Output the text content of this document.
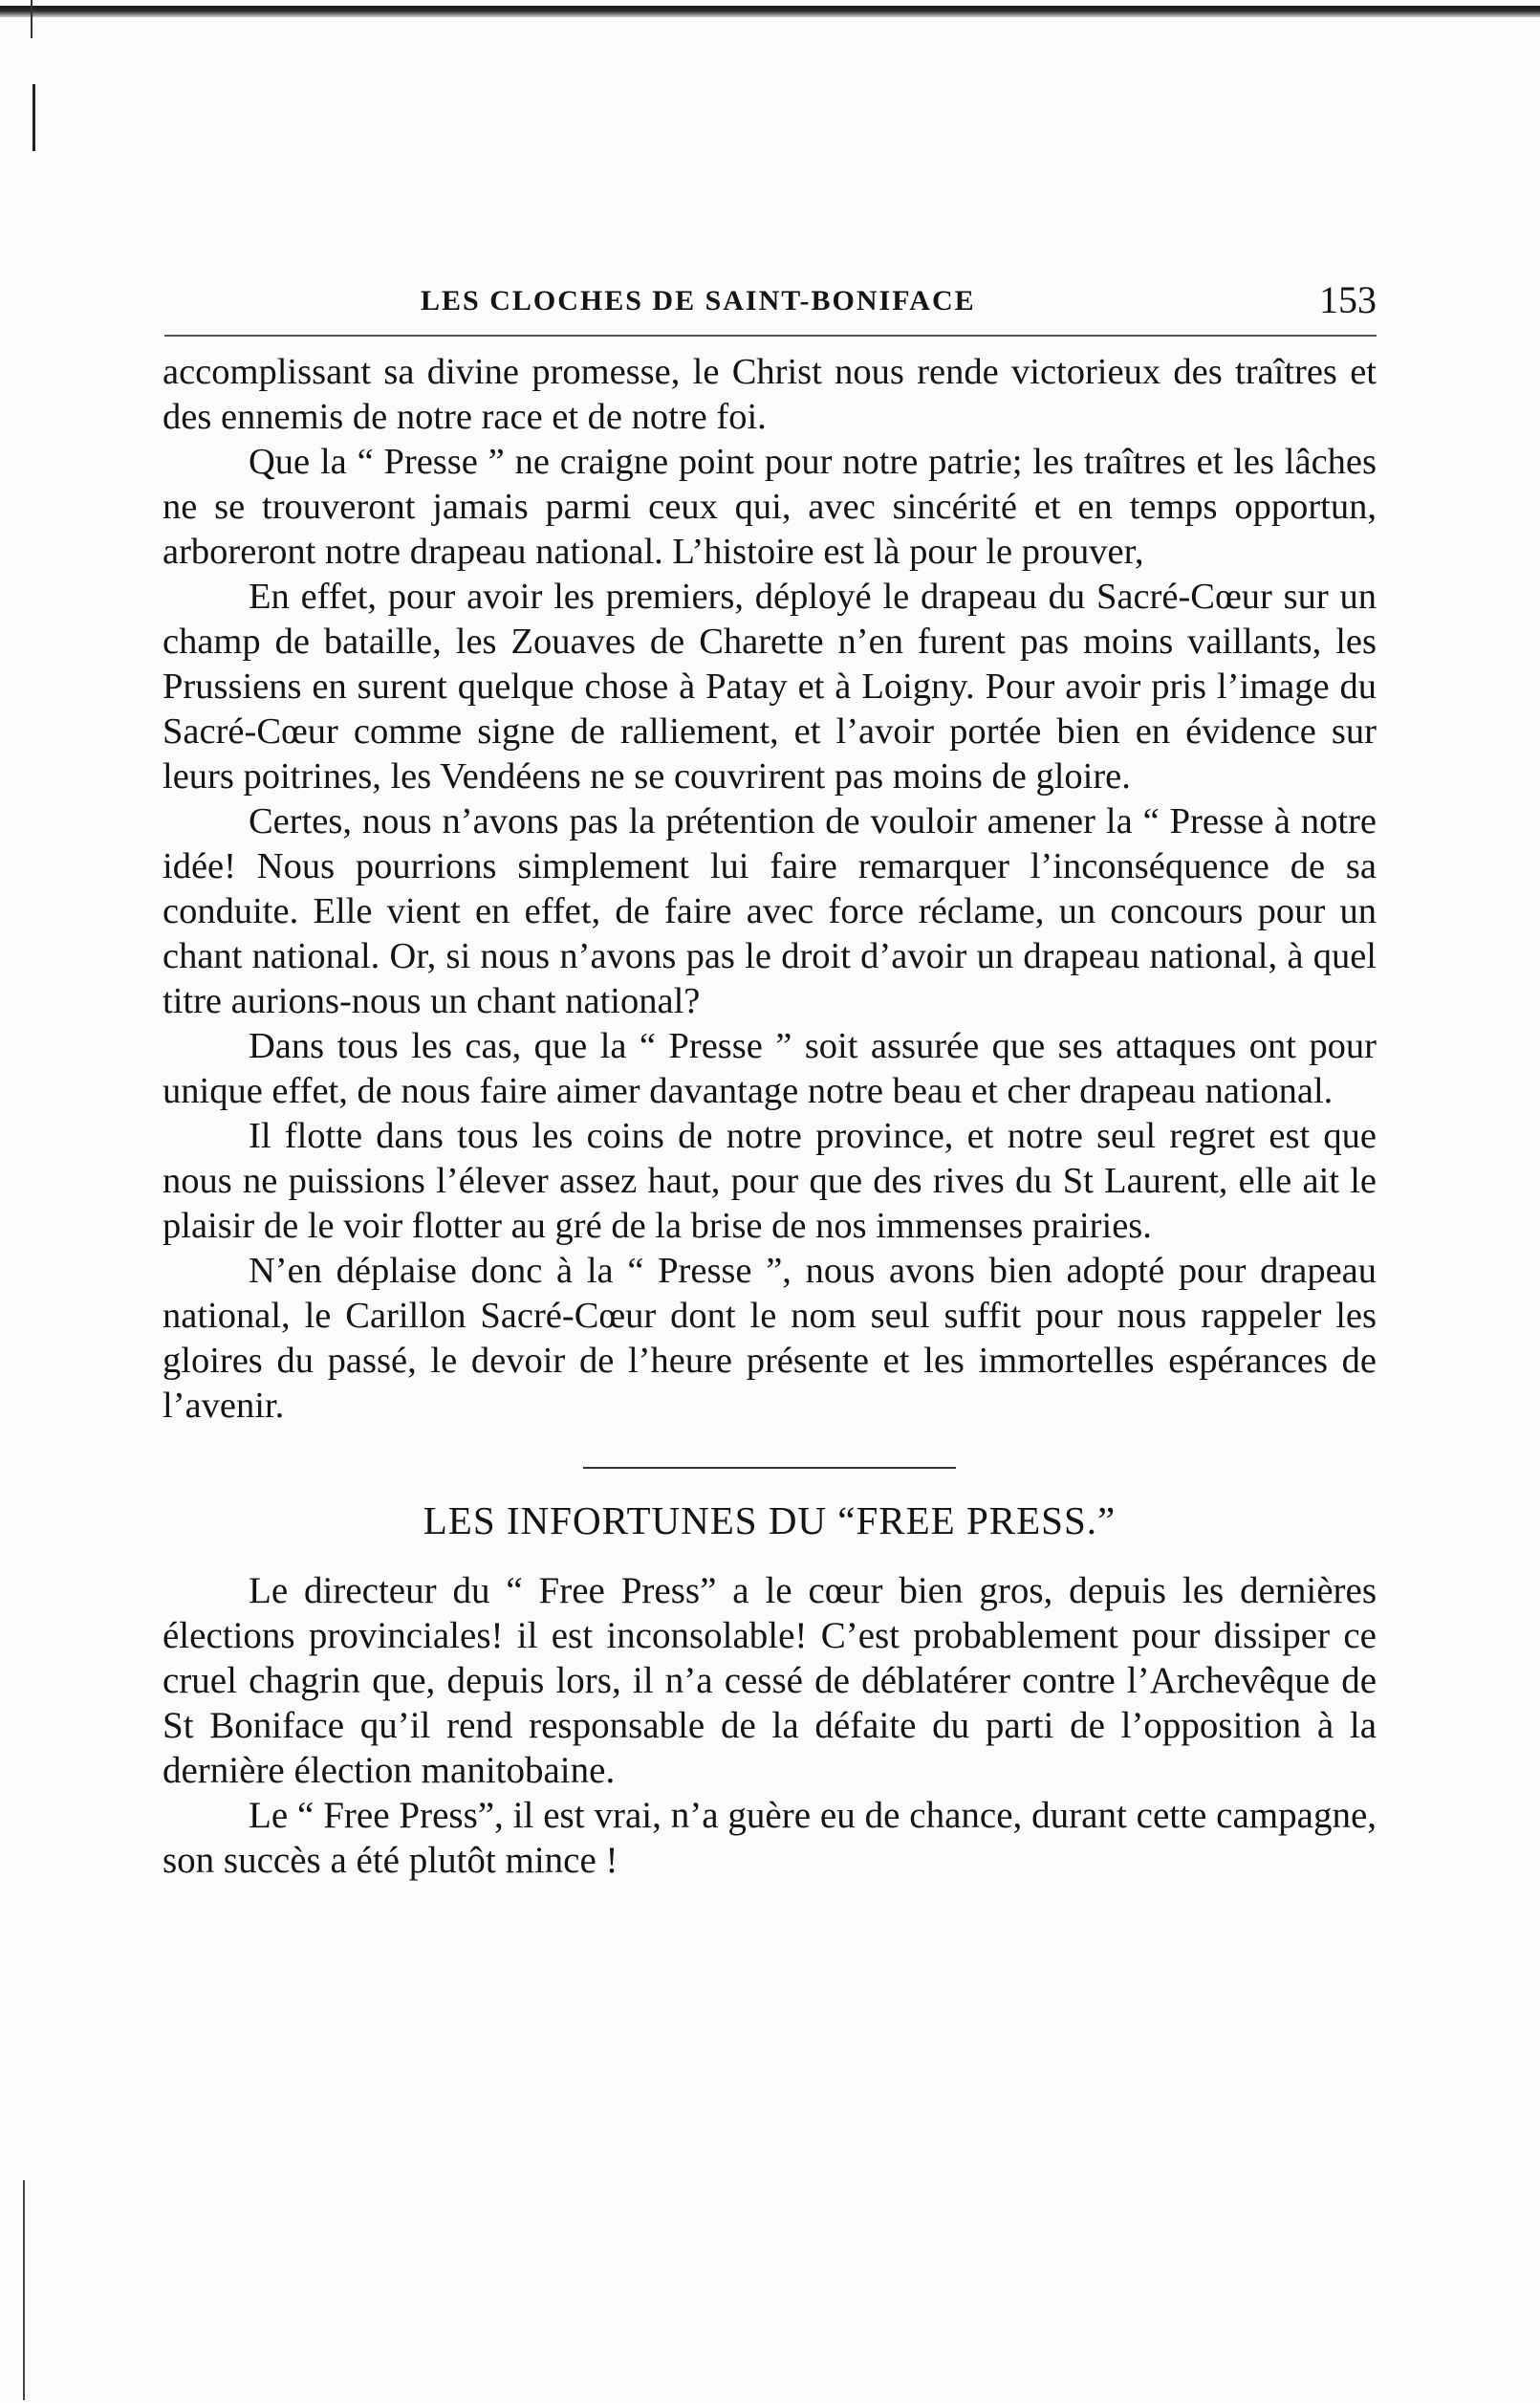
LES CLOCHES DE SAINT-BONIFACE	153

accomplissant sa divine promesse, le Christ nous rende victorieux des traîtres et des ennemis de notre race et de notre foi.

Que la “ Presse ” ne craigne point pour notre patrie; les traîtres et les lâches ne se trouveront jamais parmi ceux qui, avec sincérité et en temps opportun, arboreront notre drapeau national. L’histoire est là pour le prouver,

En effet, pour avoir les premiers, déployé le drapeau du Sacré-Cœur sur un champ de bataille, les Zouaves de Charette n’en furent pas moins vaillants, les Prussiens en surent quelque chose à Patay et à Loigny. Pour avoir pris l’image du Sacré-Cœur comme signe de ralliement, et l’avoir portée bien en évidence sur leurs poitrines, les Vendéens ne se couvrirent pas moins de gloire.

Certes, nous n’avons pas la prétention de vouloir amener la “ Presse à notre idée! Nous pourrions simplement lui faire remarquer l’inconséquence de sa conduite. Elle vient en effet, de faire avec force réclame, un concours pour un chant national. Or, si nous n’avons pas le droit d’avoir un drapeau national, à quel titre aurions-nous un chant national?

Dans tous les cas, que la “ Presse ” soit assurée que ses attaques ont pour unique effet, de nous faire aimer davantage notre beau et cher drapeau national.

Il flotte dans tous les coins de notre province, et notre seul regret est que nous ne puissions l’élever assez haut, pour que des rives du St Laurent, elle ait le plaisir de le voir flotter au gré de la brise de nos immenses prairies.

N’en déplaise donc à la “ Presse ”, nous avons bien adopté pour drapeau national, le Carillon Sacré-Cœur dont le nom seul suffit pour nous rappeler les gloires du passé, le devoir de l’heure présente et les immortelles espérances de l’avenir.

LES INFORTUNES DU “FREE PRESS.”

Le directeur du “ Free Press” a le cœur bien gros, depuis les dernières élections provinciales! il est inconsolable! C’est probablement pour dissiper ce cruel chagrin que, depuis lors, il n’a cessé de déblatérer contre l’Archevêque de St Boniface qu’il rend responsable de la défaite du parti de l’opposition à la dernière élection manitobaine.

Le “ Free Press”, il est vrai, n’a guère eu de chance, durant cette campagne, son succès a été plutôt mince !
